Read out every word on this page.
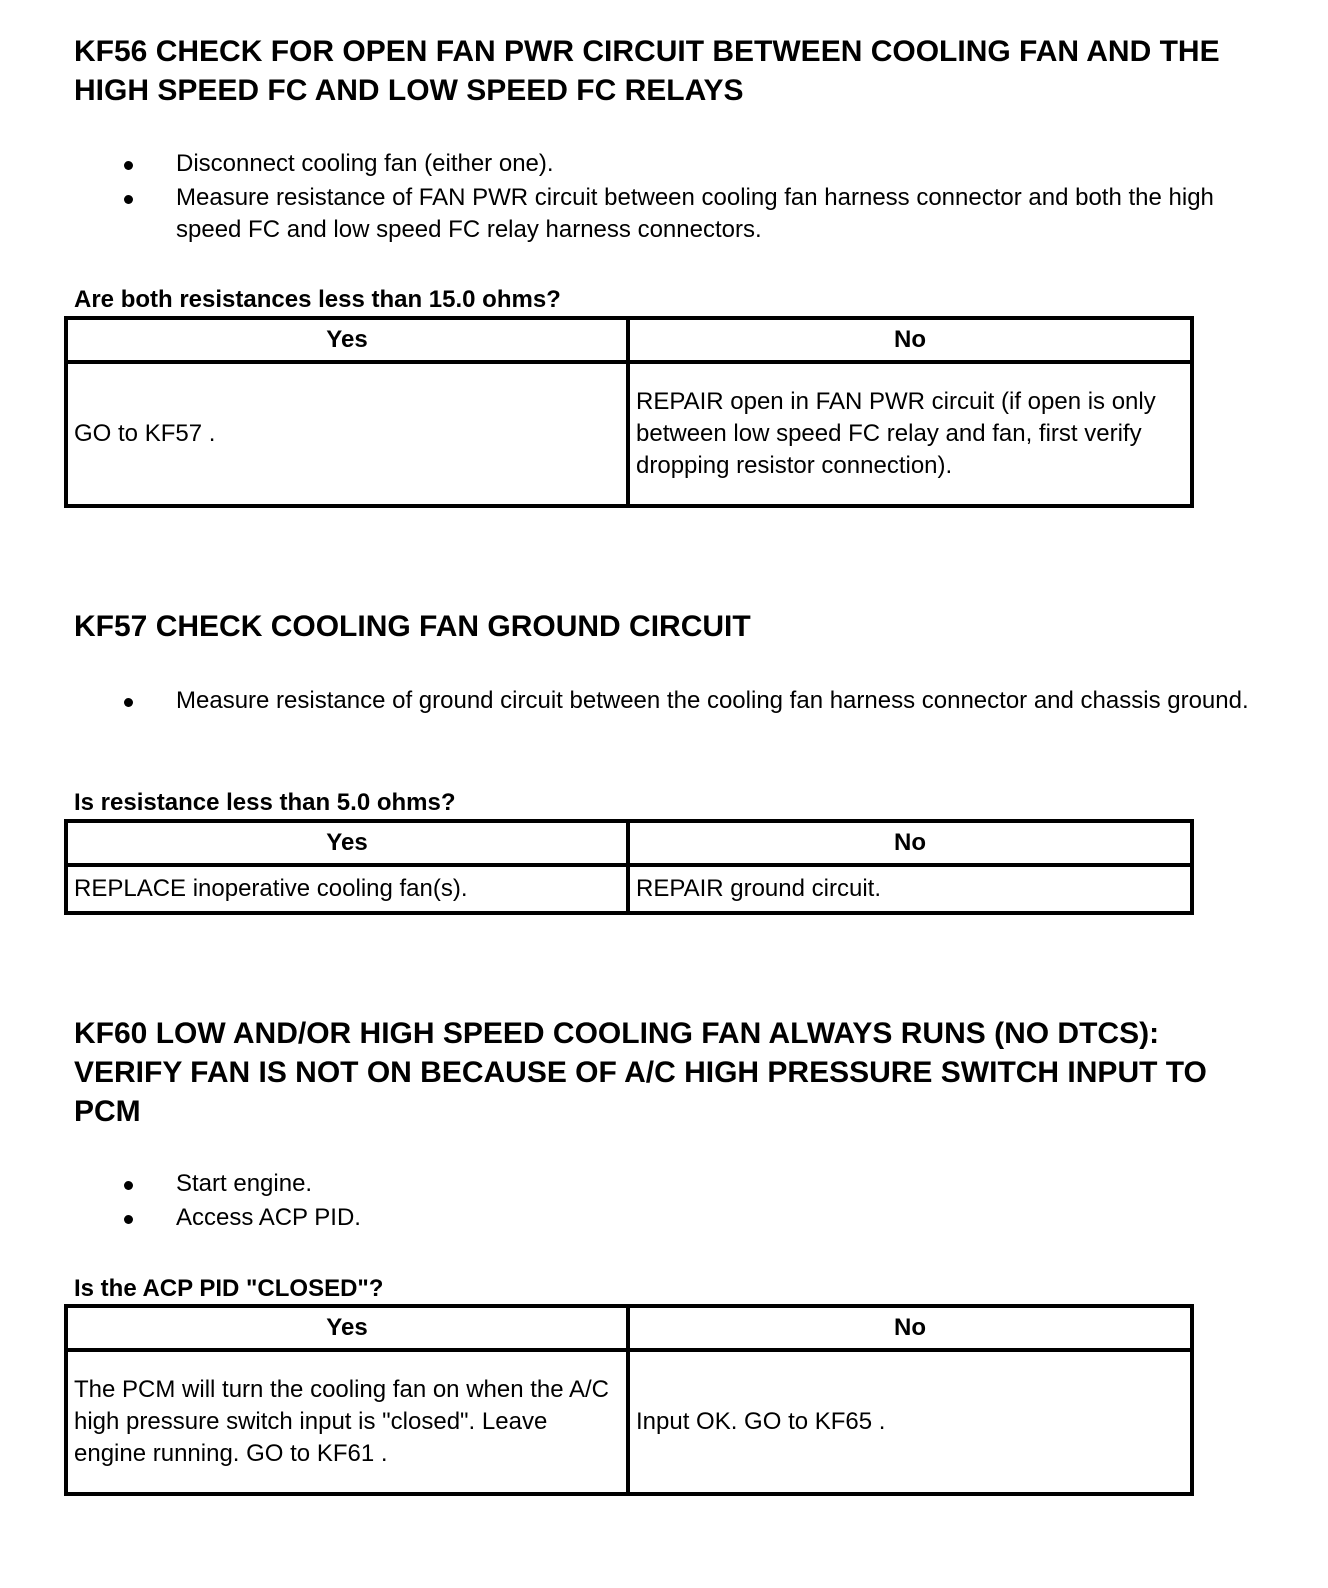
KF56 CHECK FOR OPEN FAN PWR CIRCUIT BETWEEN COOLING FAN AND THE HIGH SPEED FC AND LOW SPEED FC RELAYS
Disconnect cooling fan (either one).
Measure resistance of FAN PWR circuit between cooling fan harness connector and both the high speed FC and low speed FC relay harness connectors.
Are both resistances less than 15.0 ohms?
Yes	No
GO to KF57 .	REPAIR open in FAN PWR circuit (if open is only between low speed FC relay and fan, first verify dropping resistor connection).
KF57 CHECK COOLING FAN GROUND CIRCUIT
Measure resistance of ground circuit between the cooling fan harness connector and chassis ground.
Is resistance less than 5.0 ohms?
Yes	No
REPLACE inoperative cooling fan(s).	REPAIR ground circuit.
KF60 LOW AND/OR HIGH SPEED COOLING FAN ALWAYS RUNS (NO DTCS): VERIFY FAN IS NOT ON BECAUSE OF A/C HIGH PRESSURE SWITCH INPUT TO PCM
Start engine.
Access ACP PID.
Is the ACP PID "CLOSED"?
Yes	No
The PCM will turn the cooling fan on when the A/C high pressure switch input is "closed". Leave engine running. GO to KF61 .	Input OK. GO to KF65 .
